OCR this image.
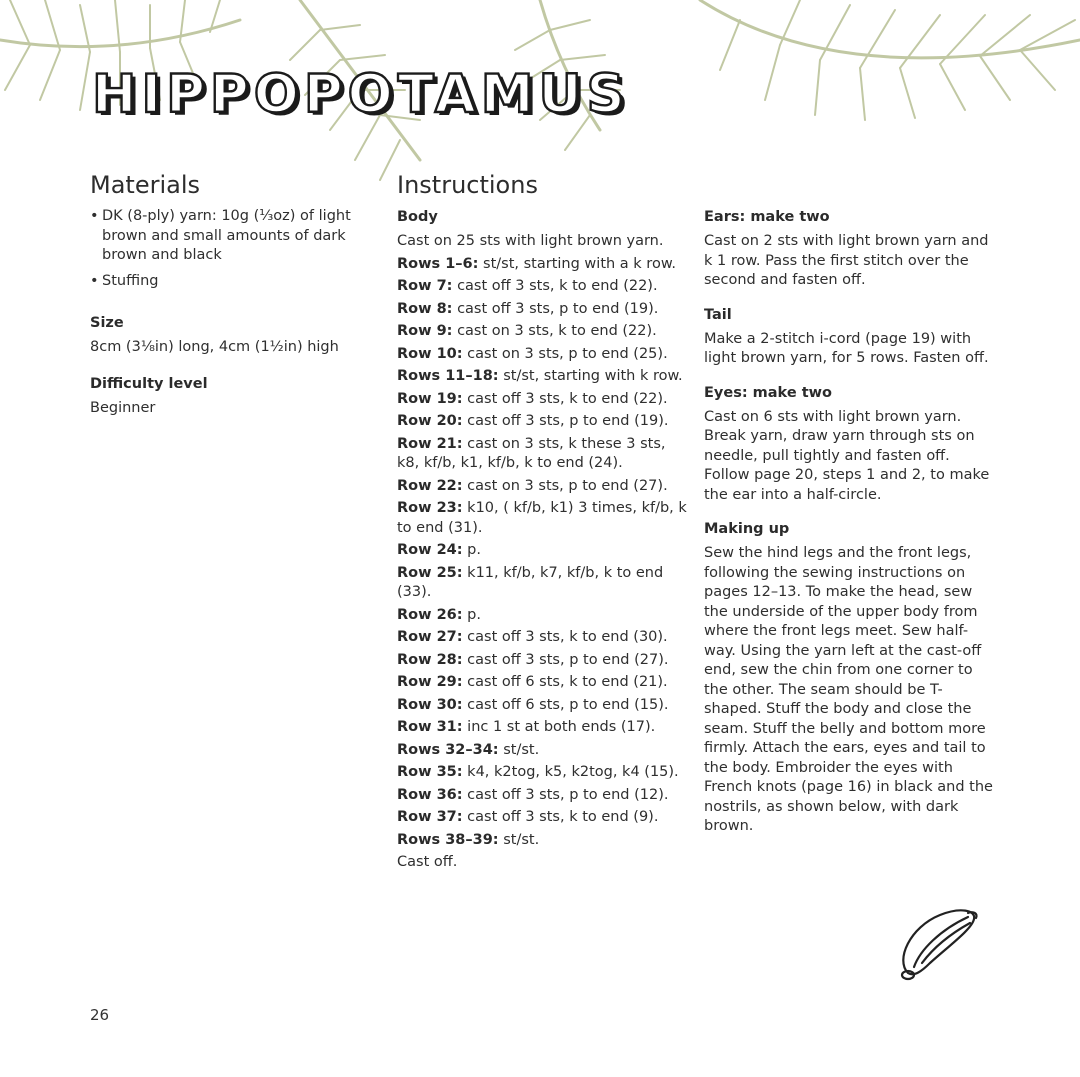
HIPPOPOTAMUS
Materials

• DK (8-ply) yarn: 10g (¹⁄₃oz) of light brown and small amounts of dark brown and black

• Stuffing

Size

8cm (3⅛in) long, 4cm (1½in) high

Difficulty level

Beginner

Instructions

Body

Cast on 25 sts with light brown yarn.

Rows 1–6: st/st, starting with a k row.

Row 7: cast off 3 sts, k to end (22).

Row 8: cast off 3 sts, p to end (19).

Row 9: cast on 3 sts, k to end (22).

Row 10: cast on 3 sts, p to end (25).

Rows 11–18: st/st, starting with k row.

Row 19: cast off 3 sts, k to end (22).

Row 20: cast off 3 sts, p to end (19).

Row 21: cast on 3 sts, k these 3 sts, k8, kf/b, k1, kf/b, k to end (24).

Row 22: cast on 3 sts, p to end (27).

Row 23: k10, ( kf/b, k1) 3 times, kf/b, k to end (31).

Row 24: p.

Row 25: k11, kf/b, k7, kf/b, k to end (33).

Row 26: p.

Row 27: cast off 3 sts, k to end (30).

Row 28: cast off 3 sts, p to end (27).

Row 29: cast off 6 sts, k to end (21).

Row 30: cast off 6 sts, p to end (15).

Row 31: inc 1 st at both ends (17).

Rows 32–34: st/st.

Row 35: k4, k2tog, k5, k2tog, k4 (15).

Row 36: cast off 3 sts, p to end (12).

Row 37: cast off 3 sts, k to end (9).

Rows 38–39: st/st.

Cast off.

Ears: make two

Cast on 2 sts with light brown yarn and k 1 row. Pass the first stitch over the second and fasten off.

Tail

Make a 2-stitch i-cord (page 19) with light brown yarn, for 5 rows. Fasten off.

Eyes: make two

Cast on 6 sts with light brown yarn. Break yarn, draw yarn through sts on needle, pull tightly and fasten off. Follow page 20, steps 1 and 2, to make the ear into a half-circle.

Making up

Sew the hind legs and the front legs, following the sewing instructions on pages 12–13. To make the head, sew the underside of the upper body from where the front legs meet. Sew half-way. Using the yarn left at the cast-off end, sew the chin from one corner to the other. The seam should be T-shaped. Stuff the body and close the seam. Stuff the belly and bottom more firmly. Attach the ears, eyes and tail to the body. Embroider the eyes with French knots (page 16) in black and the nostrils, as shown below, with dark brown.

26
